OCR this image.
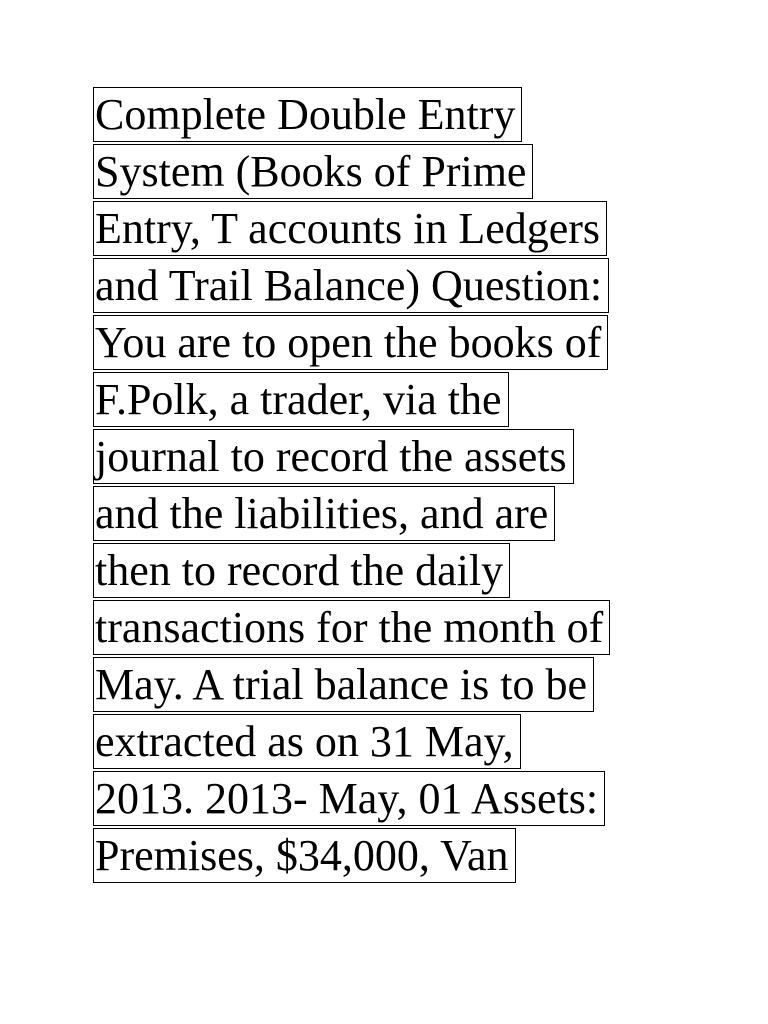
Complete Double Entry
System (Books of Prime
Entry, T accounts in Ledgers
and Trail Balance) Question:
You are to open the books of
F.Polk, a trader, via the
journal to record the assets
and the liabilities, and are
then to record the daily
transactions for the month of
May. A trial balance is to be
extracted as on 31 May,
2013. 2013- May, 01 Assets:
Premises, $34,000, Van
